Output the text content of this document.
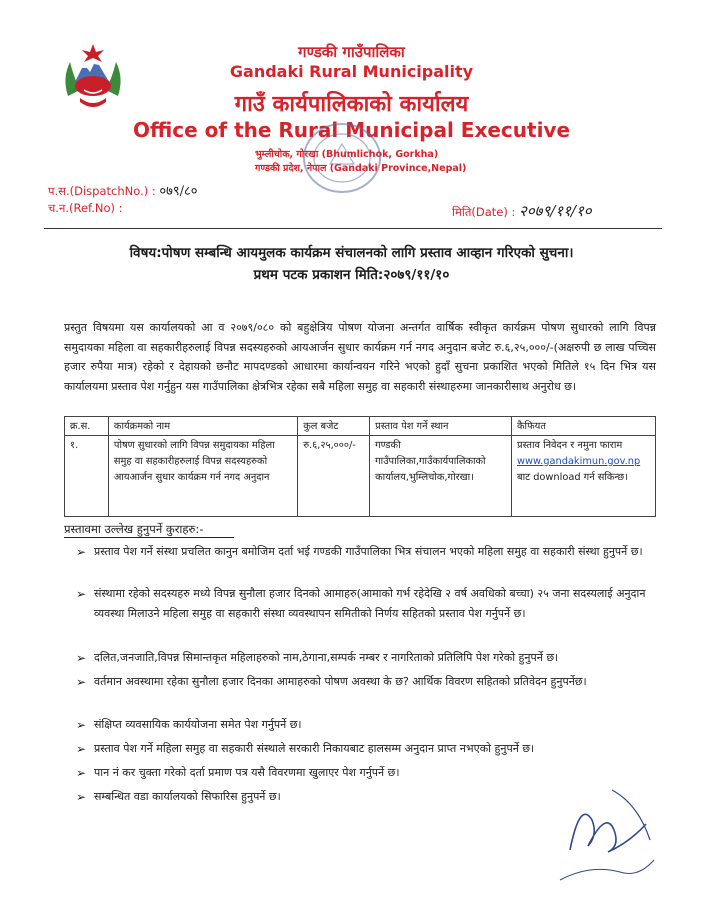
गण्डकी गाउँपालिका
Gandaki Rural Municipality
गाउँ कार्यपालिकाको कार्यालय
Office of the Rural Municipal Executive
भुम्लीचोक, गोरखा (Bhumlichok, Gorkha)
गण्डकी प्रदेश, नेपाल (Gandaki Province,Nepal)
प.स.(DispatchNo.) : ०७९/८०
च.न.(Ref.No) :	मिति(Date) : २०७९/११/१०
विषय:पोषण सम्बन्धि आयमुलक कार्यक्रम संचालनको लागि प्रस्ताव आव्हान गरिएको सुचना।
प्रथम पटक प्रकाशन मिति:२०७९/११/१०
प्रस्तुत विषयमा यस कार्यालयको आ व २०७९/०८० को बहुक्षेत्रिय पोषण योजना अन्तर्गत वार्षिक स्वीकृत कार्यक्रम पोषण सुधारको लागि विपन्न समुदायका महिला वा सहकारीहरुलाई विपन्न सदस्यहरुको आयआर्जन सुधार कार्यक्रम गर्न नगद अनुदान बजेट रु.६,२५,०००/-(अक्षरुपी छ लाख पच्चिस हजार रुपैया मात्र) रहेको र देहायको छनौट मापदण्डको आधारमा कार्यान्वयन गरिने भएको हुदाँ सुचना प्रकाशित भएको मितिले १५ दिन भित्र यस कार्यालयमा प्रस्ताव पेश गर्नुहुन यस गाउँपालिका क्षेत्रभित्र रहेका सबै महिला समुह वा सहकारी संस्थाहरुमा जानकारीसाथ अनुरोध छ।
क्र.स.	कार्यक्रमको नाम	कुल बजेट	प्रस्ताव पेश गर्ने स्थान	कैफियत
१.	पोषण सुधारको लागि विपन्न समुदायका महिला समुह वा सहकारीहरुलाई विपन्न सदस्यहरुको आयआर्जन सुधार कार्यक्रम गर्न नगद अनुदान	रु.६,२५,०००/-	गण्डकी गाउँपालिका,गाउँकार्यपालिकाको कार्यालय,भुम्लिचोक,गोरखा।	प्रस्ताव निवेदन र नमुना फाराम
www.gandakimun.gov.np
बाट download गर्न सकिन्छ।
प्रस्तावमा उल्लेख हुनुपर्ने कुराहरु:-
➢ प्रस्ताव पेश गर्ने संस्था प्रचलित कानुन बमोजिम दर्ता भई गण्डकी गाउँपालिका भित्र संचालन भएको महिला समुह वा सहकारी संस्था हुनुपर्ने छ।
➢ संस्थामा रहेको सदस्यहरु मध्ये विपन्न सुनौला हजार दिनको आमाहरु(आमाको गर्भ रहेदेखि २ वर्ष अवधिको बच्चा) २५ जना सदस्यलाई अनुदान व्यवस्था मिलाउने महिला समुह वा सहकारी संस्था व्यवस्थापन समितीको निर्णय सहितको प्रस्ताव पेश गर्नुपर्ने छ।
➢ दलित,जनजाति,विपन्न सिमान्तकृत महिलाहरुको नाम,ठेगाना,सम्पर्क नम्बर र नागरिताको प्रतिलिपि पेश गरेको हुनुपर्ने छ।
➢ वर्तमान अवस्थामा रहेका सुनौला हजार दिनका आमाहरुको पोषण अवस्था के छ? आर्थिक विवरण सहितको प्रतिवेदन हुनुपर्नेछ।
➢ संक्षिप्त व्यवसायिक कार्ययोजना समेत पेश गर्नुपर्ने छ।
➢ प्रस्ताव पेश गर्ने महिला समुह वा सहकारी संस्थाले सरकारी निकायबाट हालसम्म अनुदान प्राप्त नभएको हुनुपर्ने छ।
➢ पान नं कर चुक्ता गरेको दर्ता प्रमाण पत्र यसै विवरणमा खुलाएर पेश गर्नुपर्ने छ।
➢ सम्बन्धित वडा कार्यालयको सिफारिस हुनुपर्ने छ।
